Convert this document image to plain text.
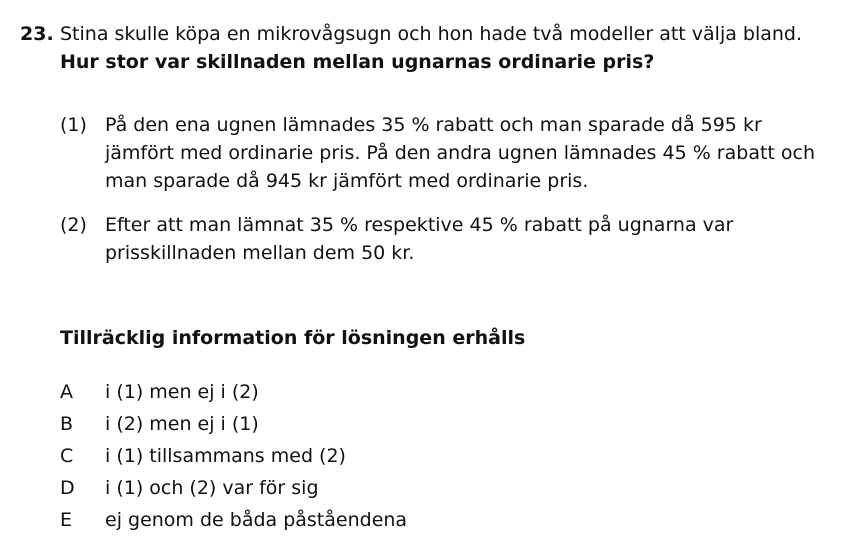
23. Stina skulle köpa en mikrovågsugn och hon hade två modeller att välja bland.
Hur stor var skillnaden mellan ugnarnas ordinarie pris?
(1) På den ena ugnen lämnades 35 % rabatt och man sparade då 595 kr jämfört med ordinarie pris. På den andra ugnen lämnades 45 % rabatt och man sparade då 945 kr jämfört med ordinarie pris.
(2) Efter att man lämnat 35 % respektive 45 % rabatt på ugnarna var prisskillnaden mellan dem 50 kr.
Tillräcklig information för lösningen erhålls
A i (1) men ej i (2)
B i (2) men ej i (1)
C i (1) tillsammans med (2)
D i (1) och (2) var för sig
E ej genom de båda påståendena
